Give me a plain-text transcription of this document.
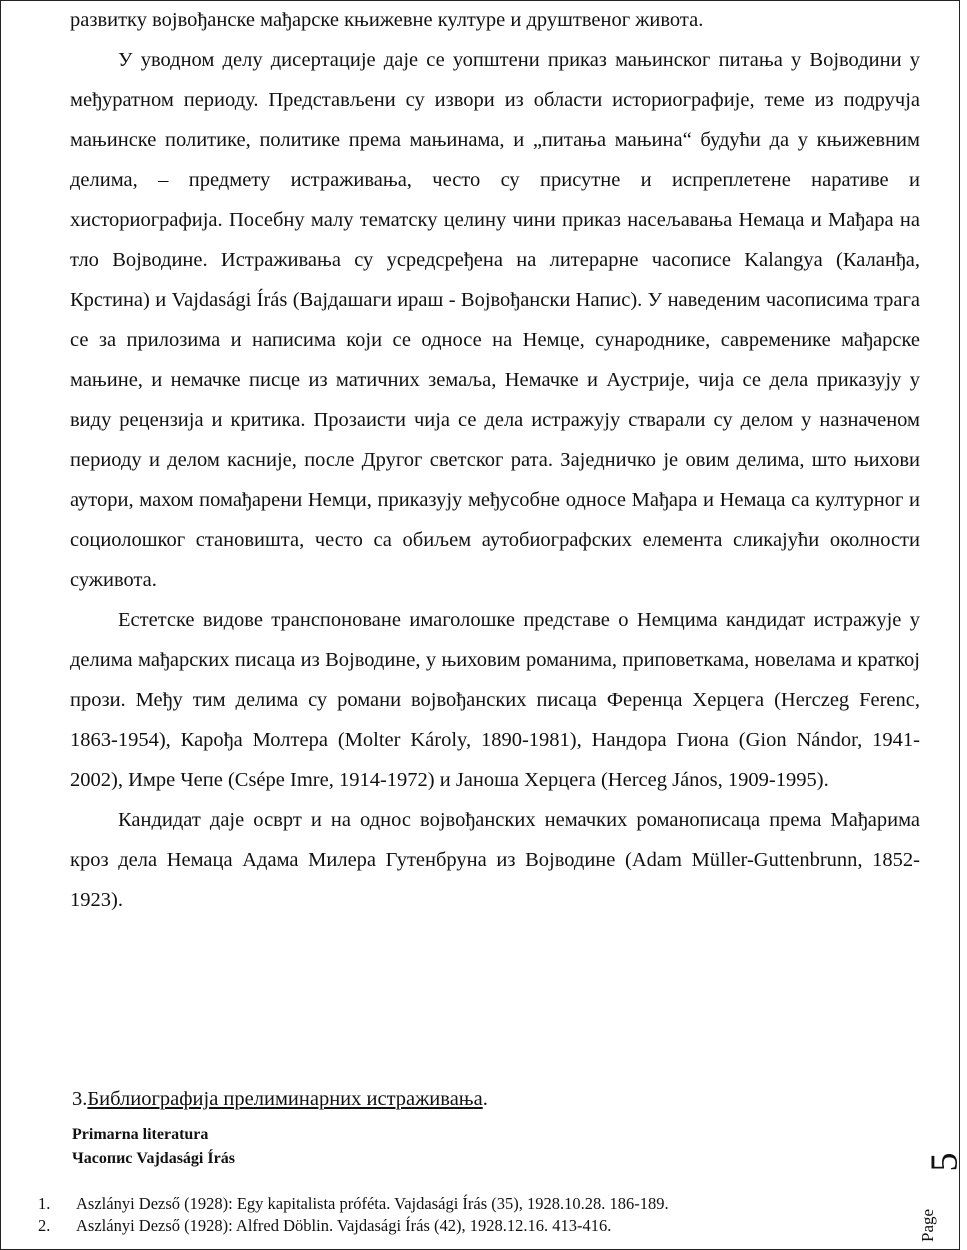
развитку војвођанске мађарске књижевне културе и друштвеног живота.

У уводном делу дисертације даје се уопштени приказ мањинског питања у Војводини у међуратном периоду. Представљени су извори из области историографије, теме из подручја мањинске политике, политике према мањинама, и „питања мањина“ будући да у књижевним делима, – предмету истраживања, често су присутне и испреплетене наративе и хисториографија. Посебну малу тематску целину чини приказ насељавања Немаца и Мађара на тло Војводине. Истраживања су усредсређена на литерарне часописе Kalangya (Каланђа, Крстина) и Vajdasági Írás (Вајдашаги ираш - Војвођански Напис). У наведеним часописима трага се за прилозима и написима који се односе на Немце, сународнике, савременике мађарске мањине, и немачке писце из матичних земаља, Немачке и Аустрије, чија се дела приказују у виду рецензија и критика. Прозаисти чија се дела истражују стварали су делом у назначеном периоду и делом касније, после Другог светског рата. Заједничко је овим делима, што њихови аутори, махом помађарени Немци, приказују међусобне односе Мађара и Немаца са културног и социолошког становишта, често са обиљем аутобиографских елемента сликајући околности суживота.

Естетске видове транспоноване имаголошке представе о Немцима кандидат истражује у делима мађарских писаца из Војводине, у њиховим романима, приповеткама, новелама и краткој прози. Међу тим делима су романи војвођанских писаца Ференца Херцега (Herczeg Ferenc, 1863-1954), Карођа Молтера (Molter Károly, 1890-1981), Нандора Гиона (Gion Nándor, 1941-2002), Имре Чепе (Csépe Imre, 1914-1972) и Јаноша Херцега (Herceg János, 1909-1995).

Кандидат даје осврт и на однос војвођанских немачких романописаца према Мађарима кроз дела Немаца Адама Милера Гутенбруна из Војводине (Adam Müller-Guttenbrunn, 1852-1923).

3.Библиографија прелиминарних истраживања.
Primarna literatura
Часопис Vajdasági Írás
1.	Aszlányi Dezső (1928): Egy kapitalista próféta. Vajdasági Írás (35), 1928.10.28. 186-189.
2.	Aszlányi Dezső (1928): Alfred Döblin. Vajdasági Írás (42), 1928.12.16. 413-416.	Page
5
